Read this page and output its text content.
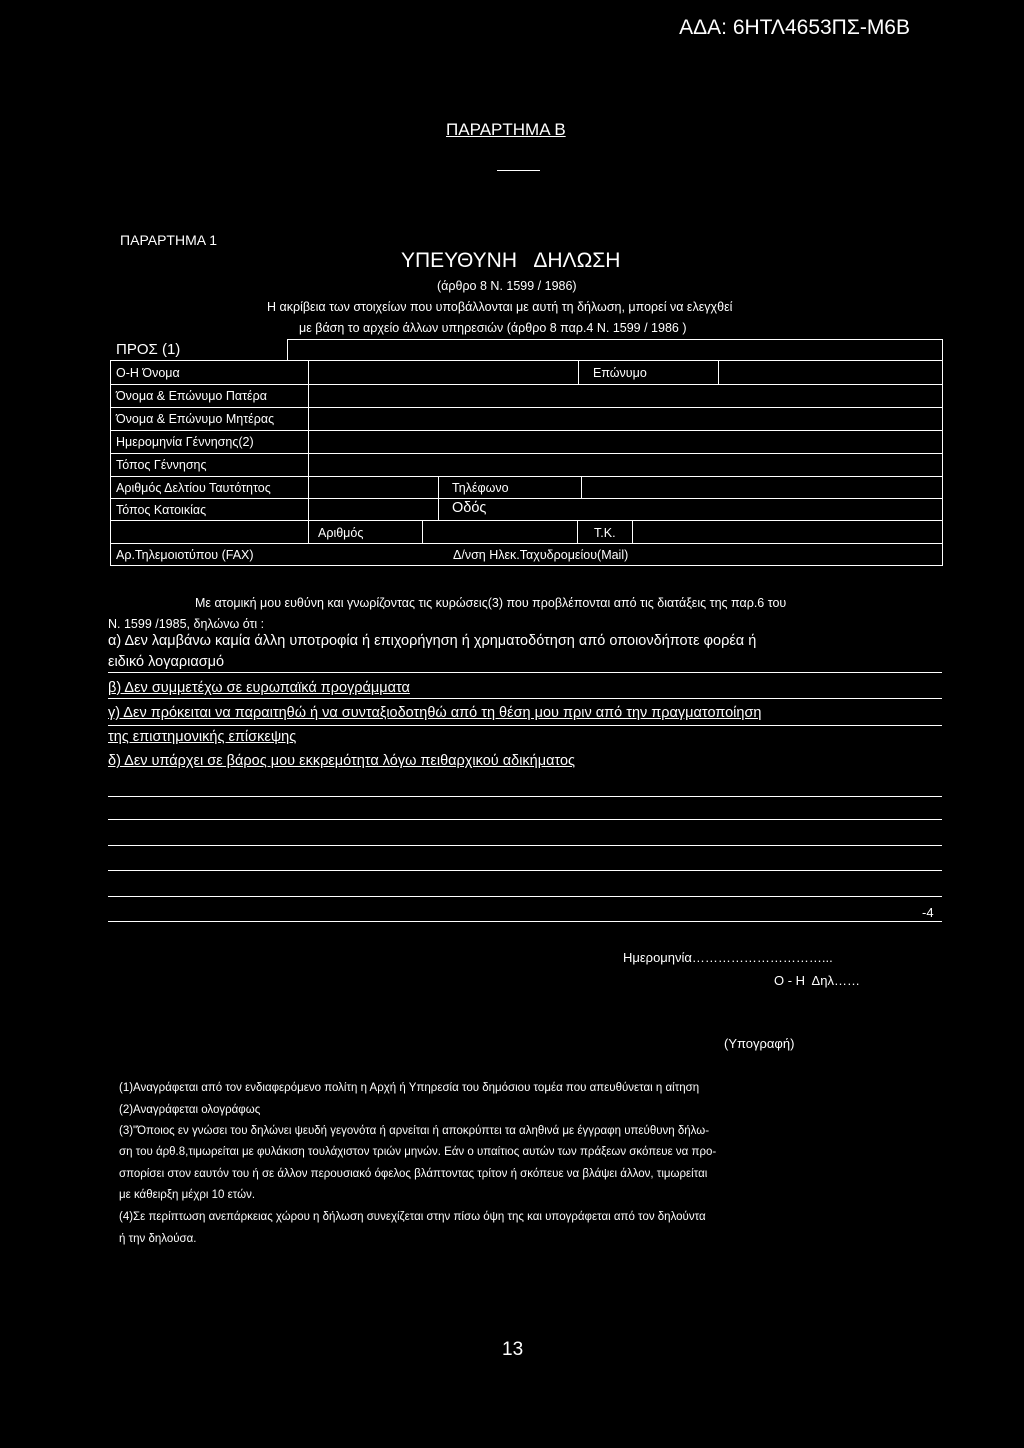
ΑΔΑ: 6ΗΤΛ4653ΠΣ-Μ6Β
ΠΑΡΑΡΤΗΜΑ Β
ΠΑΡΑΡΤΗΜΑ 1
ΥΠΕΥΘΥΝΗ   ΔΗΛΩΣΗ
(άρθρο 8 Ν. 1599 / 1986)
Η ακρίβεια των στοιχείων που υποβάλλονται με αυτή τη δήλωση, μπορεί να ελεγχθεί
με βάση το αρχείο άλλων υπηρεσιών (άρθρο 8 παρ.4 Ν. 1599 / 1986 )
ΠΡΟΣ (1)
Ο-Η Όνομα	Επώνυμο
Όνομα & Επώνυμο Πατέρα
Όνομα & Επώνυμο Μητέρας
Ημερομηνία Γέννησης(2)
Τόπος Γέννησης
Αριθμός Δελτίου Ταυτότητος	Τηλέφωνο
Τόπος Κατοικίας	Οδός
Αριθμός	Τ.Κ.
Αρ.Τηλεμοιοτύπου (FAX)	Δ/νση Ηλεκ.Ταχυδρομείου(Mail)
Με ατομική μου ευθύνη και γνωρίζοντας τις κυρώσεις(3) που προβλέπονται από τις διατάξεις της παρ.6 του
Ν. 1599 /1985, δηλώνω ότι :
α) Δεν λαμβάνω καμία άλλη υποτροφία ή επιχορήγηση ή χρηματοδότηση από οποιονδήποτε φορέα ή
ειδικό λογαριασμό
β) Δεν συμμετέχω σε ευρωπαϊκά προγράμματα
γ) Δεν πρόκειται να παραιτηθώ ή να συνταξιοδοτηθώ από τη θέση μου πριν από την πραγματοποίηση
της επιστημονικής επίσκεψης
δ) Δεν υπάρχει σε βάρος μου εκκρεμότητα λόγω πειθαρχικού αδικήματος
-4
Ημερομηνία…………………………...
Ο - Η  Δηλ……
(Υπογραφή)
(1)Αναγράφεται από τον ενδιαφερόμενο πολίτη η Αρχή ή Υπηρεσία του δημόσιου τομέα που απευθύνεται η αίτηση
(2)Αναγράφεται ολογράφως
(3)"Όποιος εν γνώσει του δηλώνει ψευδή γεγονότα ή αρνείται ή αποκρύπτει τα αληθινά με έγγραφη υπεύθυνη δήλω-
ση του άρθ.8,τιμωρείται με φυλάκιση τουλάχιστον τριών μηνών. Εάν ο υπαίτιος αυτών των πράξεων σκόπευε να προ-
σπορίσει στον εαυτόν του ή σε άλλον περουσιακό όφελος βλάπτοντας τρίτον ή σκόπευε να βλάψει άλλον, τιμωρείται
με κάθειρξη μέχρι 10 ετών.
(4)Σε περίπτωση ανεπάρκειας χώρου η δήλωση συνεχίζεται στην πίσω όψη της και υπογράφεται από τον δηλούντα
ή την δηλούσα.
13
